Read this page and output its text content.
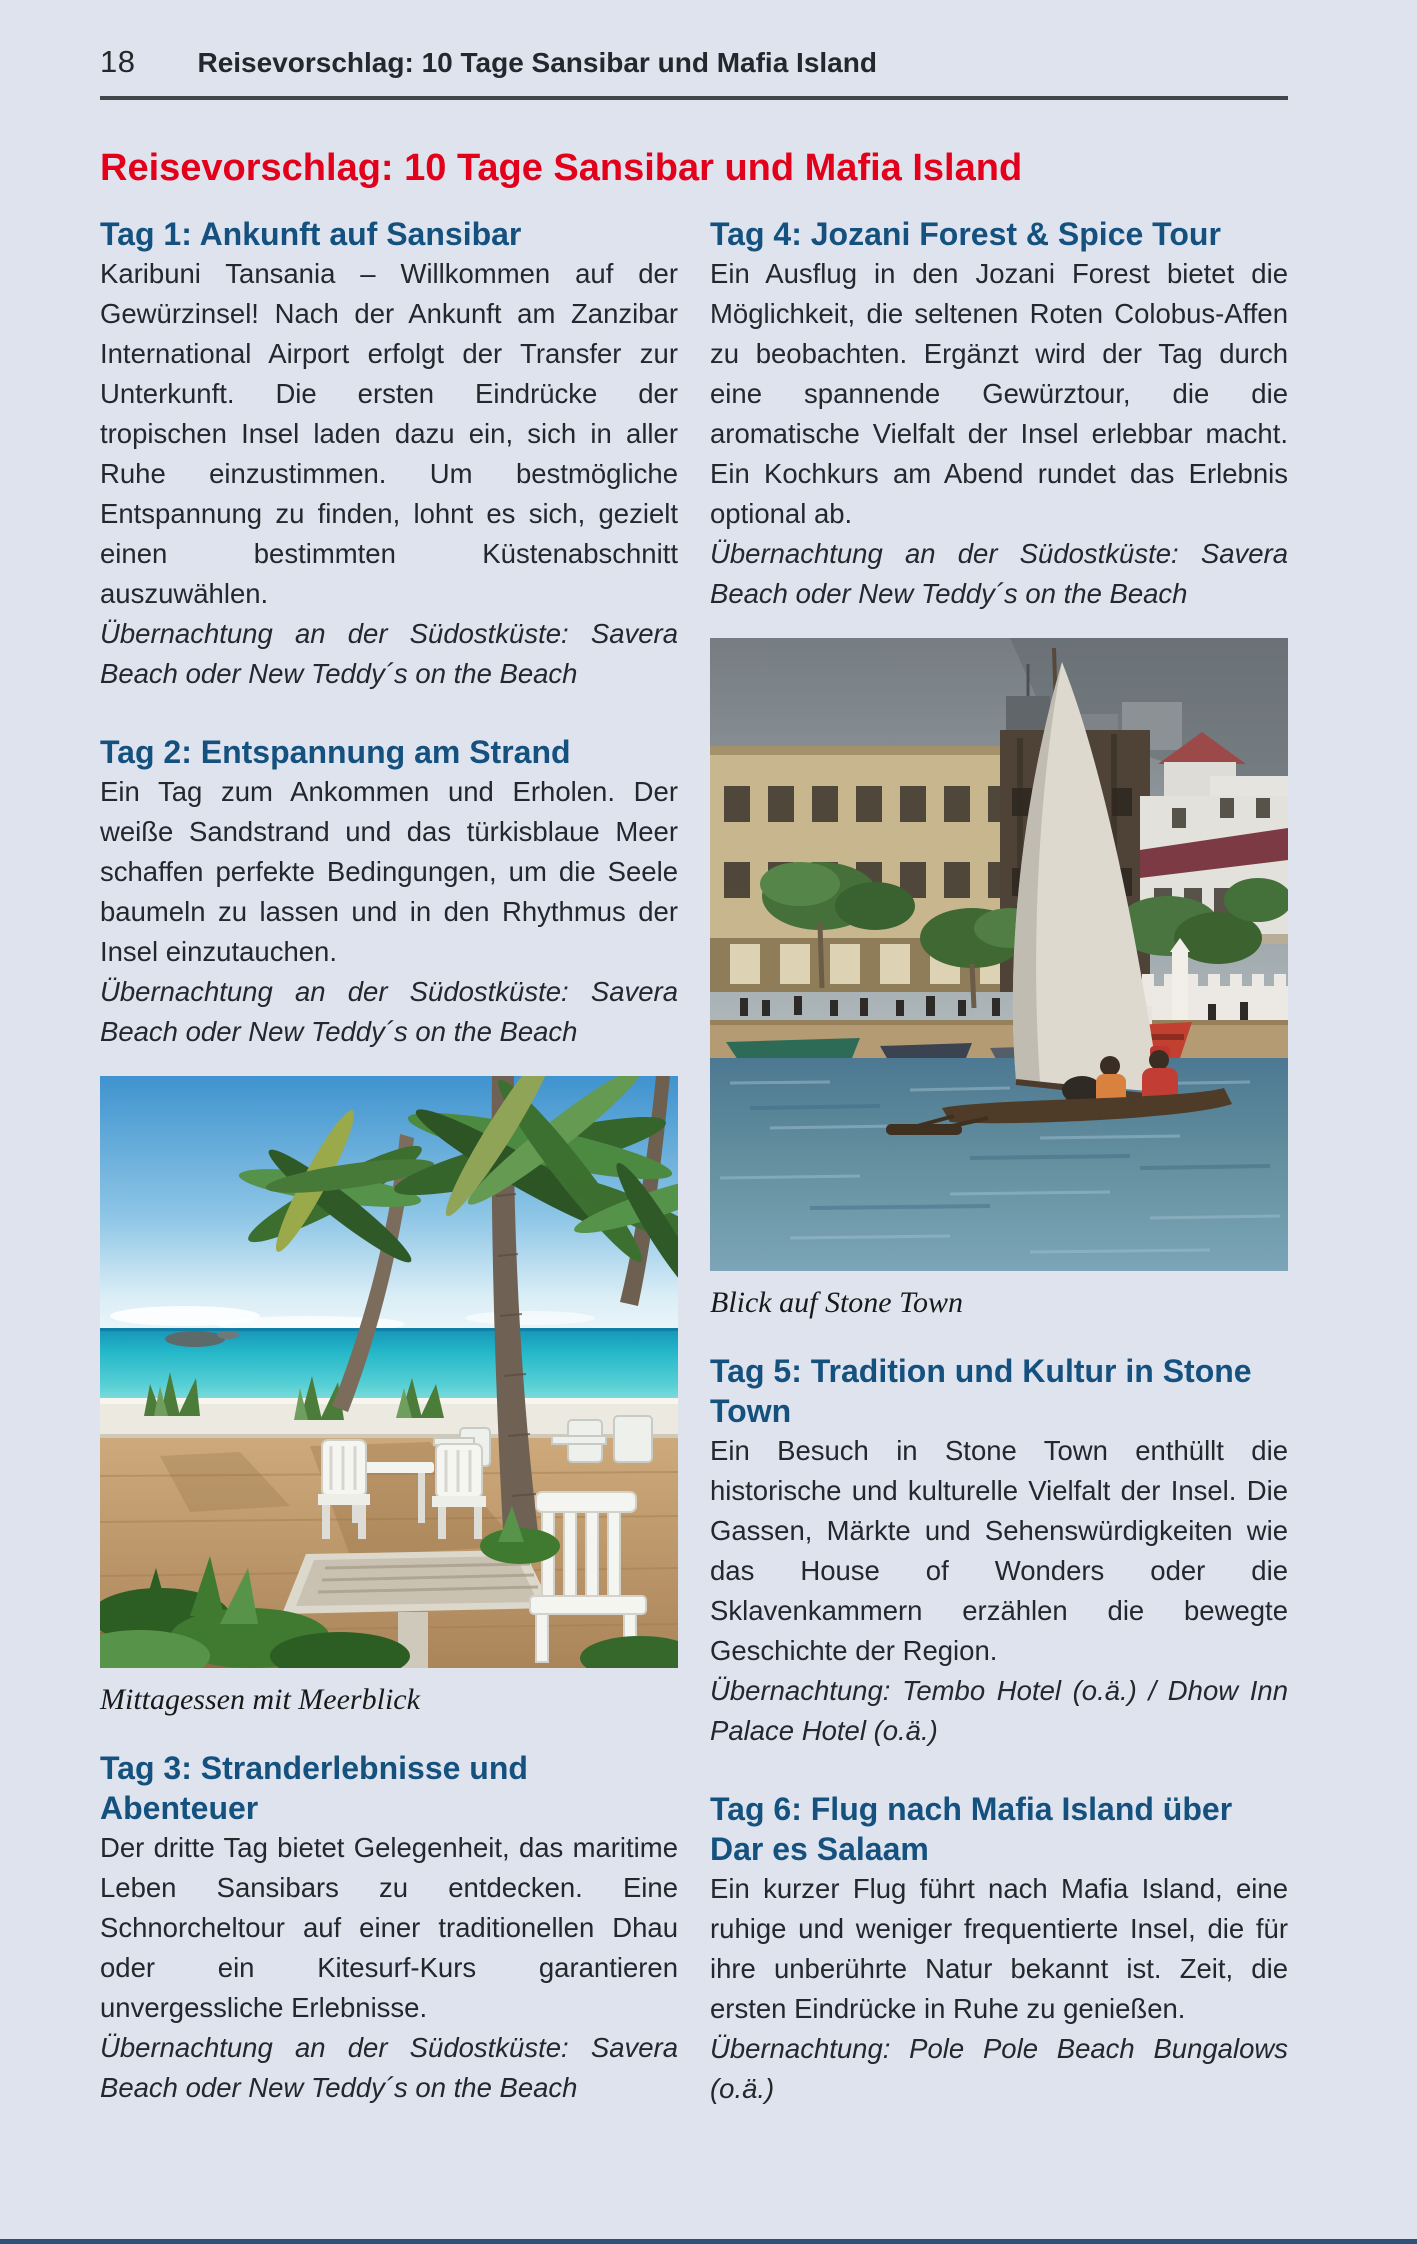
18 Reisevorschlag: 10 Tage Sansibar und Mafia Island
Reisevorschlag: 10 Tage Sansibar und Mafia Island
Tag 1: Ankunft auf Sansibar

Karibuni Tansania – Willkommen auf der Gewürzinsel! Nach der Ankunft am Zanzibar International Airport erfolgt der Transfer zur Unterkunft. Die ersten Eindrücke der tropischen Insel laden dazu ein, sich in aller Ruhe einzustimmen. Um bestmögliche Entspannung zu finden, lohnt es sich, gezielt einen bestimmten Küstenabschnitt auszuwählen.

Übernachtung an der Südostküste: Savera Beach oder New Teddy´s on the Beach

Tag 2: Entspannung am Strand

Ein Tag zum Ankommen und Erholen. Der weiße Sandstrand und das türkisblaue Meer schaffen perfekte Bedingungen, um die Seele baumeln zu lassen und in den Rhythmus der Insel einzutauchen.

Übernachtung an der Südostküste: Savera Beach oder New Teddy´s on the Beach

Mittagessen mit Meerblick

Tag 3: Stranderlebnisse und Abenteuer

Der dritte Tag bietet Gelegenheit, das maritime Leben Sansibars zu entdecken. Eine Schnorcheltour auf einer traditionellen Dhau oder ein Kitesurf-Kurs garantieren unvergessliche Erlebnisse.

Übernachtung an der Südostküste: Savera Beach oder New Teddy´s on the Beach

Tag 4: Jozani Forest & Spice Tour

Ein Ausflug in den Jozani Forest bietet die Möglichkeit, die seltenen Roten Colobus-Affen zu beobachten. Ergänzt wird der Tag durch eine spannende Gewürztour, die die aromatische Vielfalt der Insel erlebbar macht. Ein Kochkurs am Abend rundet das Erlebnis optional ab.

Übernachtung an der Südostküste: Savera Beach oder New Teddy´s on the Beach

Blick auf Stone Town

Tag 5: Tradition und Kultur in Stone Town

Ein Besuch in Stone Town enthüllt die historische und kulturelle Vielfalt der Insel. Die Gassen, Märkte und Sehenswürdigkeiten wie das House of Wonders oder die Sklavenkammern erzählen die bewegte Geschichte der Region.

Übernachtung: Tembo Hotel (o.ä.) / Dhow Inn Palace Hotel (o.ä.)

Tag 6: Flug nach Mafia Island über Dar es Salaam

Ein kurzer Flug führt nach Mafia Island, eine ruhige und weniger frequentierte Insel, die für ihre unberührte Natur bekannt ist. Zeit, die ersten Eindrücke in Ruhe zu genießen.

Übernachtung: Pole Pole Beach Bungalows (o.ä.)
